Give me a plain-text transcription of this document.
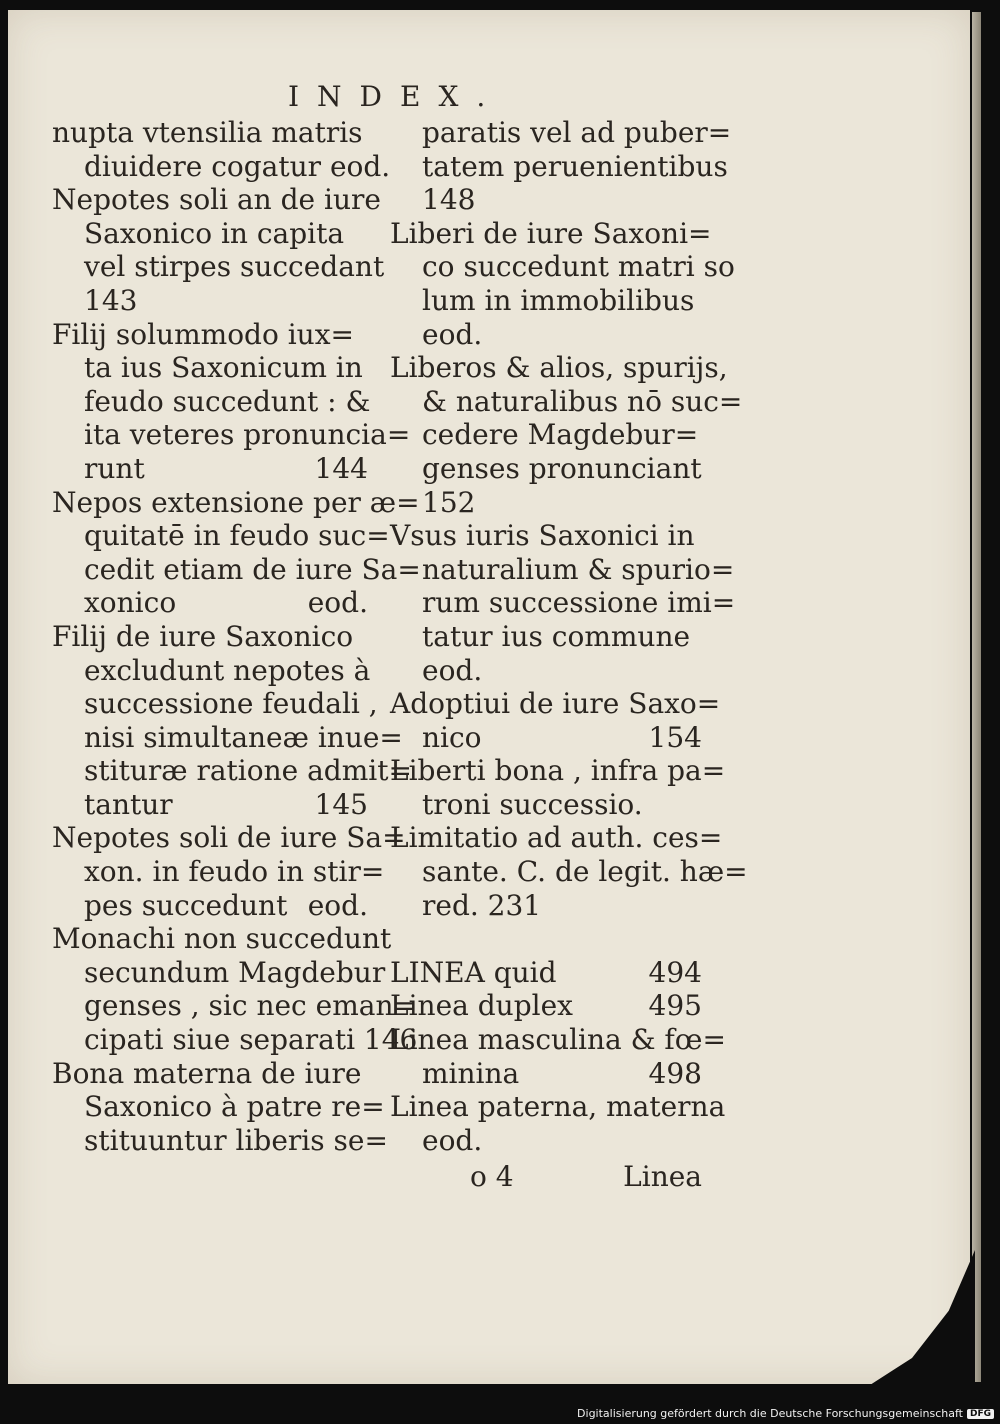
INDEX.
nupta vtensilia matris
diuidere cogatur eod.
Nepotes soli an de iure
Saxonico in capita
vel stirpes succedant
143
Filij solummodo iux=
ta ius Saxonicum in
feudo succedunt : &
ita veteres pronuncia=
runt	144
Nepos extensione per æ=
quitatē in feudo suc=
cedit etiam de iure Sa=
xonico	eod.
Filij de iure Saxonico
excludunt nepotes à
successione feudali ,
nisi simultaneæ inue=
stituræ ratione admit=
tantur	145
Nepotes soli de iure Sa=
xon. in feudo in stir=
pes succedunt eod.
Monachi non succedunt
secundum Magdebur
genses , sic nec eman=
cipati siue separati 146
Bona materna de iure
Saxonico à patre re=
stituuntur liberis se=
paratis vel ad puber=
tatem peruenientibus
148
Liberi de iure Saxoni=
co succedunt matri so
lum in immobilibus
eod.
Liberos & alios, spurijs,
& naturalibus nō suc=
cedere Magdebur=
genses pronunciant
152
Vsus iuris Saxonici in
naturalium & spurio=
rum successione imi=
tatur ius commune
eod.
Adoptiui de iure Saxo=
nico	154
Liberti bona , infra pa=
troni successio.
Limitatio ad auth. ces=
sante. C. de legit. hæ=
red. 231
LINEA quid	494
Linea duplex	495
Linea masculina & fœ=
minina	498
Linea paterna, materna
eod.
o 4	Linea
Digitalisierung gefördert durch die Deutsche Forschungsgemeinschaft DFG
